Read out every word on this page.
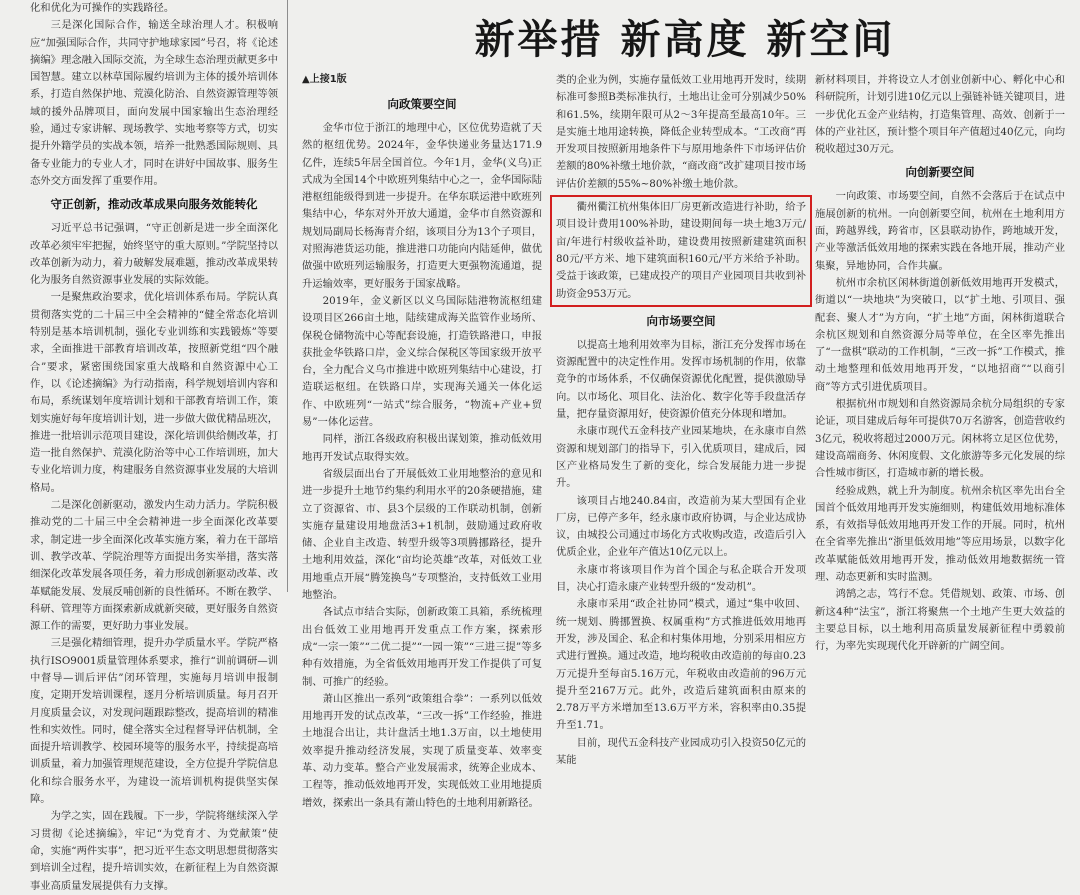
化和优化为可操作的实践路径。

三是深化国际合作，输送全球治理人才。积极响应“加强国际合作，共同守护地球家园”号召，将《论述摘编》理念融入国际交流，为全球生态治理贡献更多中国智慧。建立以林草国际履约培训为主体的援外培训体系，打造自然保护地、荒漠化防治、自然资源管理等领域的援外品牌项目，面向发展中国家输出生态治理经验，通过专家讲解、现场教学、实地考察等方式，切实提升外籍学员的实战本领，培养一批熟悉国际规则、具备专业能力的专业人才，同时在讲好中国故事、服务生态外交方面发挥了重要作用。

守正创新，推动改革成果向服务效能转化

习近平总书记强调，“守正创新是进一步全面深化改革必须牢牢把握，始终坚守的重大原则。”学院坚持以改革创新为动力，着力破解发展难题，推动改革成果转化为服务自然资源事业发展的实际效能。

一是聚焦政治要求，优化培训体系布局。学院认真贯彻落实党的二十届三中全会精神的“健全常态化培训特别是基本培训机制，强化专业训练和实践锻炼”等要求，全面推进干部教育培训改革，按照新党组“四个融合”要求，紧密围绕国家重大战略和自然资源中心工作，以《论述摘编》为行动指南，科学规划培训内容和布局，系统谋划年度培训计划和干部教育培训工作，策划实施好每年度培训计划，进一步做大做优精品班次，推进一批培训示范项目建设，深化培训供给侧改革，打造一批自然保护、荒漠化防治等中心工作培训班，加大专业化培训力度，构建服务自然资源事业发展的大培训格局。

二是深化创新驱动，激发内生动力活力。学院积极推动党的二十届三中全会精神进一步全面深化改革要求，制定进一步全面深化改革实施方案，着力在干部培训、教学改革、学院治理等方面提出务实举措，落实落细深化改革发展各项任务，着力形成创新驱动改革、改革赋能发展、发展反哺创新的良性循环。不断在教学、科研、管理等方面探索新成就新突破，更好服务自然资源工作的需要，更好助力事业发展。

三是强化精细管理，提升办学质量水平。学院严格执行ISO9001质量管理体系要求，推行“训前调研—训中督导—训后评估”闭环管理，实施每月培训申报制度，定期开发培训课程，逐月分析培训质量。每月召开月度质量会议，对发现问题跟踪整改，提高培训的精准性和实效性。同时，健全落实全过程督导评估机制，全面提升培训教学、校园环境等的服务水平，持续提高培训质量，着力加强管理规范建设，全方位提升学院信息化和综合服务水平，为建设一流培训机构提供坚实保障。

为学之实，固在践履。下一步，学院将继续深入学习贯彻《论述摘编》，牢记“为党育才、为党献策”使命，实施“两件实事”，把习近平生态文明思想贯彻落实到培训全过程，提升培训实效，在新征程上为自然资源事业高质量发展提供有力支撑。

新举措 新高度 新空间
▲上接1版
向政策要空间

金华市位于浙江的地理中心，区位优势造就了天然的枢纽优势。2024年，金华快递业务量达171.9亿件，连续5年居全国首位。今年1月，金华(义乌)正式成为全国14个中欧班列集结中心之一，金华国际陆港枢纽能级得到进一步提升。在华东联运港中欧班列集结中心，华东对外开放大通道，金华市自然资源和规划局副局长杨海青介绍，该项目分为13个子项目，对照海港货运功能，推进港口功能向内陆延伸，做优做强中欧班列运输服务，打造更大更强物流通道，提升运输效率，更好服务于国家战略。

2019年，金义新区以义乌国际陆港物流枢纽建设项目区266亩土地，陆续建成海关监管作业场所、保税仓储物流中心等配套设施，打造铁路港口，申报获批金华铁路口岸，金义综合保税区等国家级开放平台，全力配合义乌市推进中欧班列集结中心建设，打造联运枢纽。在铁路口岸，实现海关通关一体化运作、中欧班列“一站式”综合服务，“物流+产业+贸易”一体化运营。

同样，浙江各级政府积极出谋划策，推动低效用地再开发试点取得实效。

省级层面出台了开展低效工业用地整治的意见和进一步提升土地节约集约利用水平的20条硬措施，建立了资源省、市、县3个层级的工作联动机制，创新实施存量建设用地盘活3+1机制，鼓励通过政府收储、企业自主改造、转型升级等3项腾挪路径，提升土地利用效益，深化“亩均论英雄”改革，对低效工业用地重点开展“腾笼换鸟”专项整治，支持低效工业用地整治。

各试点市结合实际，创新政策工具箱，系统梳理出台低效工业用地再开发重点工作方案，探索形成“一宗一策”“二优二提”“一园一策”“三进三提”等多种有效措施，为全省低效用地再开发工作提供了可复制、可推广的经验。

萧山区推出一系列“政策组合拳”：一系列以低效用地再开发的试点改革，“三改一拆”工作经验，推进土地混合出让，共计盘活土地1.3万亩，以土地使用效率提升推动经济发展，实现了质量变革、效率变革、动力变革。整合产业发展需求，统筹企业成本、工程等，推动低效地再开发，实现低效工业用地提质增效，探索出一条具有萧山特色的土地利用新路径。

类的企业为例，实施存量低效工业用地再开发时，续期标准可参照B类标准执行，土地出让金可分别减少50%和61.5%，续期年限可从2～3年提高至最高10年。三是实施土地用途转换，降低企业转型成本。“工改商”再开发项目按照新用地条件下与原用地条件下市场评估价差额的80%补缴土地价款，“商改商”改扩建项目按市场评估价差额的55%~80%补缴土地价款。

衢州衢江杭州集体旧厂房更新改造进行补助，给予项目设计费用100%补助，建设期间每一块土地3万元/亩/年进行村级收益补助，建设费用按照新建建筑面积80元/平方米、地下建筑面积160元/平方米给予补助。受益于该政策，已建成投产的项目产业园项目共收到补助资金953万元。

向市场要空间

以提高土地利用效率为目标，浙江充分发挥市场在资源配置中的决定性作用。发挥市场机制的作用，依靠竞争的市场体系，不仅确保资源优化配置，提供激励导向。以市场化、项目化、法治化、数字化等手段盘活存量，把存量资源用好，使资源价值充分体现和增加。

永康市现代五金科技产业园某地块，在永康市自然资源和规划部门的指导下，引入优质项目，建成后，园区产业格局发生了新的变化，综合发展能力进一步提升。

该项目占地240.84亩，改造前为某大型国有企业厂房，已停产多年，经永康市政府协调，与企业达成协议，由城投公司通过市场化方式收购改造，改造后引入优质企业，企业年产值达10亿元以上。

永康市将该项目作为首个国企与私企联合开发项目，决心打造永康产业转型升级的“发动机”。

永康市采用“政企社协同”模式，通过“集中收回、统一规划、腾挪置换、权属重构”方式推进低效用地再开发，涉及国企、私企和村集体用地，分别采用相应方式进行置换。通过改造，地均税收由改造前的每亩0.23万元提升至每亩5.16万元，年税收由改造前的96万元提升至2167万元。此外，改造后建筑面积由原来的2.78万平方米增加至13.6万平方米，容积率由0.35提升至1.71。

目前，现代五金科技产业园成功引入投资50亿元的某能

新材料项目，并将设立人才创业创新中心、孵化中心和科研院所，计划引进10亿元以上强链补链关键项目，进一步优化五金产业结构，打造集管理、高效、创新于一体的产业社区，预计整个项目年产值超过40亿元，向均税收超过30万元。

向创新要空间

一向政策、市场要空间，自然不会落后于在试点中施展创新的杭州。一向创新要空间，杭州在土地利用方面，跨越界线，跨省市，区县联动协作，跨地域开发，产业等激活低效用地的探索实践在各地开展，推动产业集聚，异地协同，合作共赢。

杭州市余杭区闲林街道创新低效用地再开发模式，街道以“一块地块”为突破口，以“扩土地、引项目、强配套、聚人才”为方向，“扩土地”方面，闲林街道联合余杭区规划和自然资源分局等单位，在全区率先推出了“一盘棋”联动的工作机制，“三改一拆”工作模式，推动土地整理和低效用地再开发，“以地招商”“以商引商”等方式引进优质项目。

根据杭州市规划和自然资源局余杭分局组织的专家论证，项目建成后每年可提供70万名游客，创造营收约3亿元，税收将超过2000万元。闲林将立足区位优势，建设高端商务、休闲度假、文化旅游等多元化发展的综合性城市街区，打造城市新的增长极。

经验成熟，就上升为制度。杭州余杭区率先出台全国首个低效用地再开发实施细则，构建低效用地标准体系，有效指导低效用地再开发工作的开展。同时，杭州在全省率先推出“浙里低效用地”等应用场景，以数字化改革赋能低效用地再开发，推动低效用地数据统一管理、动态更新和实时监测。

鸿鹄之志，笃行不怠。凭借规划、政策、市场、创新这4种“法宝”，浙江将聚焦一个土地产生更大效益的主要总目标，以土地利用高质量发展新征程中勇毅前行，为率先实现现代化开辟新的广阔空间。
